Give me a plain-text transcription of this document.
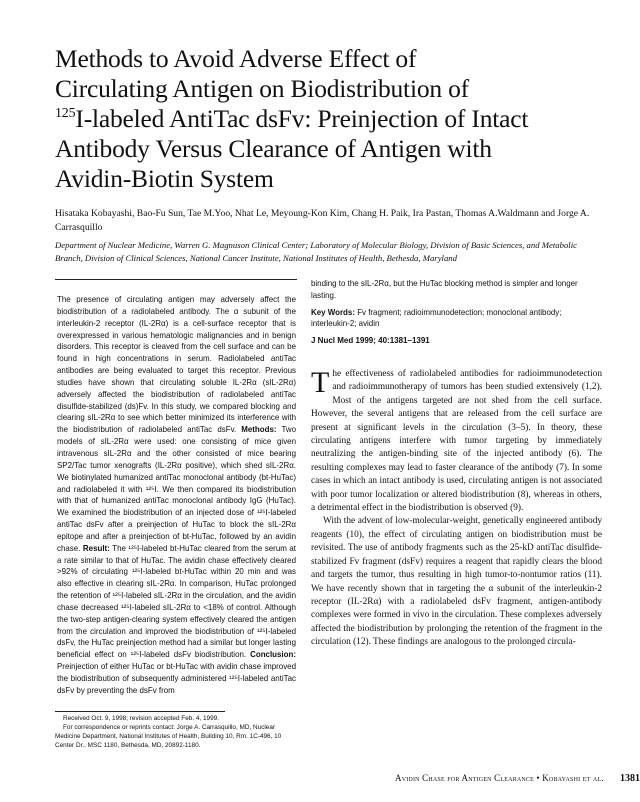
Methods to Avoid Adverse Effect of
Circulating Antigen on Biodistribution of
$^{125}$I-labeled AntiTac dsFv: Preinjection of Intact
Antibody Versus Clearance of Antigen with
Avidin-Biotin System
Hisataka Kobayashi, Bao-Fu Sun, Tae M.Yoo, Nhat Le, Meyoung-Kon Kim, Chang H. Paik, Ira Pastan, Thomas A.Waldmann and Jorge A. Carrasquillo
Department of Nuclear Medicine, Warren G. Magnuson Clinical Center; Laboratory of Molecular Biology, Division of Basic Sciences, and Metabolic Branch, Division of Clinical Sciences, National Cancer Institute, National Institutes of Health, Bethesda, Maryland

The presence of circulating antigen may adversely affect the biodistribution of a radiolabeled antibody. The α subunit of the interleukin-2 receptor (IL-2Rα) is a cell-surface receptor that is overexpressed in various hematologic malignancies and in benign disorders. This receptor is cleaved from the cell surface and can be found in high concentrations in serum. Radiolabeled antiTac antibodies are being evaluated to target this receptor. Previous studies have shown that circulating soluble IL-2Rα (sIL-2Rα) adversely affected the biodistribution of radiolabeled antiTac disulfide-stabilized (ds)Fv. In this study, we compared blocking and clearing sIL-2Rα to see which better minimized its interference with the biodistribution of radiolabeled antiTac dsFv. Methods: Two models of sIL-2Rα were used: one consisting of mice given intravenous sIL-2Rα and the other consisted of mice bearing SP2/Tac tumor xenografts (IL-2Rα positive), which shed sIL-2Rα. We biotinylated humanized antiTac monoclonal antibody (bt-HuTac) and radiolabeled it with ¹²⁵I. We then compared its biodistribution with that of humanized antiTac monoclonal antibody IgG (HuTac). We examined the biodistribution of an injected dose of ¹²⁵I-labeled antiTac dsFv after a preinjection of HuTac to block the sIL-2Rα epitope and after a preinjection of bt-HuTac, followed by an avidin chase. Result: The ¹²⁵I-labeled bt-HuTac cleared from the serum at a rate similar to that of HuTac. The avidin chase effectively cleared >92% of circulating ¹²⁵I-labeled bt-HuTac within 20 min and was also effective in clearing sIL-2Rα. In comparison, HuTac prolonged the retention of ¹²⁵I-labeled sIL-2Rα in the circulation, and the avidin chase decreased ¹²⁵I-labeled sIL-2Rα to <18% of control. Although the two-step antigen-clearing system effectively cleared the antigen from the circulation and improved the biodistribution of ¹²⁵I-labeled dsFv, the HuTac preinjection method had a similar but longer lasting beneficial effect on ¹²⁵I-labeled dsFv biodistribution. Conclusion: Preinjection of either HuTac or bt-HuTac with avidin chase improved the biodistribution of subsequently administered ¹²⁵I-labeled antiTac dsFv by preventing the dsFv from

binding to the sIL-2Rα, but the HuTac blocking method is simpler and longer lasting.

Key Words: Fv fragment; radioimmunodetection; monoclonal antibody; interleukin-2; avidin

J Nucl Med 1999; 40:1381–1391

The effectiveness of radiolabeled antibodies for radioimmunodetection and radioimmunotherapy of tumors has been studied extensively (1,2). Most of the antigens targeted are not shed from the cell surface. However, the several antigens that are released from the cell surface are present at significant levels in the circulation (3–5). In theory, these circulating antigens interfere with tumor targeting by immediately neutralizing the antigen-binding site of the injected antibody (6). The resulting complexes may lead to faster clearance of the antibody (7). In some cases in which an intact antibody is used, circulating antigen is not associated with poor tumor localization or altered biodistribution (8), whereas in others, a detrimental effect in the biodistribution is observed (9).

With the advent of low-molecular-weight, genetically engineered antibody reagents (10), the effect of circulating antigen on biodistribution must be revisited. The use of antibody fragments such as the 25-kD antiTac disulfide-stabilized Fv fragment (dsFv) requires a reagent that rapidly clears the blood and targets the tumor, thus resulting in high tumor-to-nontumor ratios (11). We have recently shown that in targeting the α subunit of the interleukin-2 receptor (IL-2Rα) with a radiolabeled dsFv fragment, antigen-antibody complexes were formed in vivo in the circulation. These complexes adversely affected the biodistribution by prolonging the retention of the fragment in the circulation (12). These findings are analogous to the prolonged circula-

Received Oct. 9, 1998; revision accepted Feb. 4, 1999.

For correspondence or reprints contact: Jorge A. Carrasquillo, MD, Nuclear Medicine Department, National Institutes of Health, Building 10, Rm. 1C-496, 10 Center Dr., MSC 1180, Bethesda, MD, 20892-1180.

Avidin Chase for Antigen Clearance • Kobayashi et al. 1381
